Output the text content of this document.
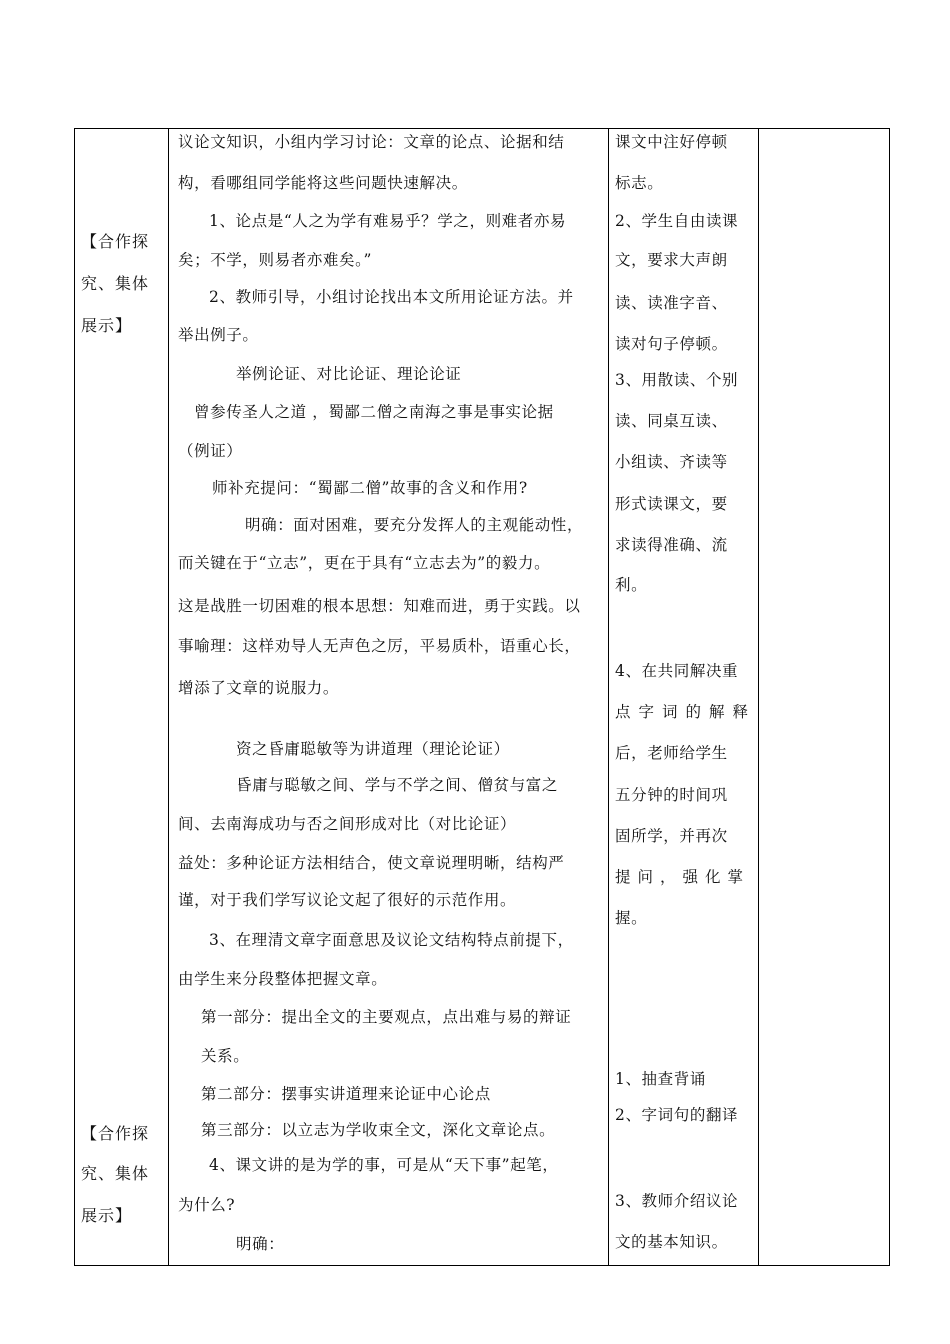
【合作探
究、集体
展示】
【合作探
究、集体
展示】
议论文知识，小组内学习讨论：文章的论点、论据和结
构，看哪组同学能将这些问题快速解决。
1、论点是“人之为学有难易乎？学之，则难者亦易
矣；不学，则易者亦难矣。”
2、教师引导，小组讨论找出本文所用论证方法。并
举出例子。
举例论证、对比论证、理论论证
曾参传圣人之道 ，蜀鄙二僧之南海之事是事实论据
（例证）
师补充提问：“蜀鄙二僧”故事的含义和作用?
明确：面对困难，要充分发挥人的主观能动性，
而关键在于“立志”，更在于具有“立志去为”的毅力。
这是战胜一切困难的根本思想：知难而进，勇于实践。以
事喻理：这样劝导人无声色之厉，平易质朴，语重心长，
增添了文章的说服力。
资之昏庸聪敏等为讲道理（理论论证）
昏庸与聪敏之间、学与不学之间、僧贫与富之
间、去南海成功与否之间形成对比（对比论证）
益处：多种论证方法相结合，使文章说理明晰，结构严
谨，对于我们学写议论文起了很好的示范作用。
3、在理清文章字面意思及议论文结构特点前提下，
由学生来分段整体把握文章。
第一部分：提出全文的主要观点，点出难与易的辩证
关系。
第二部分：摆事实讲道理来论证中心论点
第三部分：以立志为学收束全文，深化文章论点。
4、课文讲的是为学的事，可是从“天下事”起笔，
为什么?
明确：
课文中注好停顿
标志。
2、学生自由读课
文，要求大声朗
读、读准字音、
读对句子停顿。
3、用散读、个别
读、同桌互读、
小组读、齐读等
形式读课文，要
求读得准确、流
利。
4、在共同解决重
点字词的解释
后，老师给学生
五分钟的时间巩
固所学，并再次
提问，强化掌
握。
1、抽查背诵
2、字词句的翻译
3、教师介绍议论
文的基本知识。
